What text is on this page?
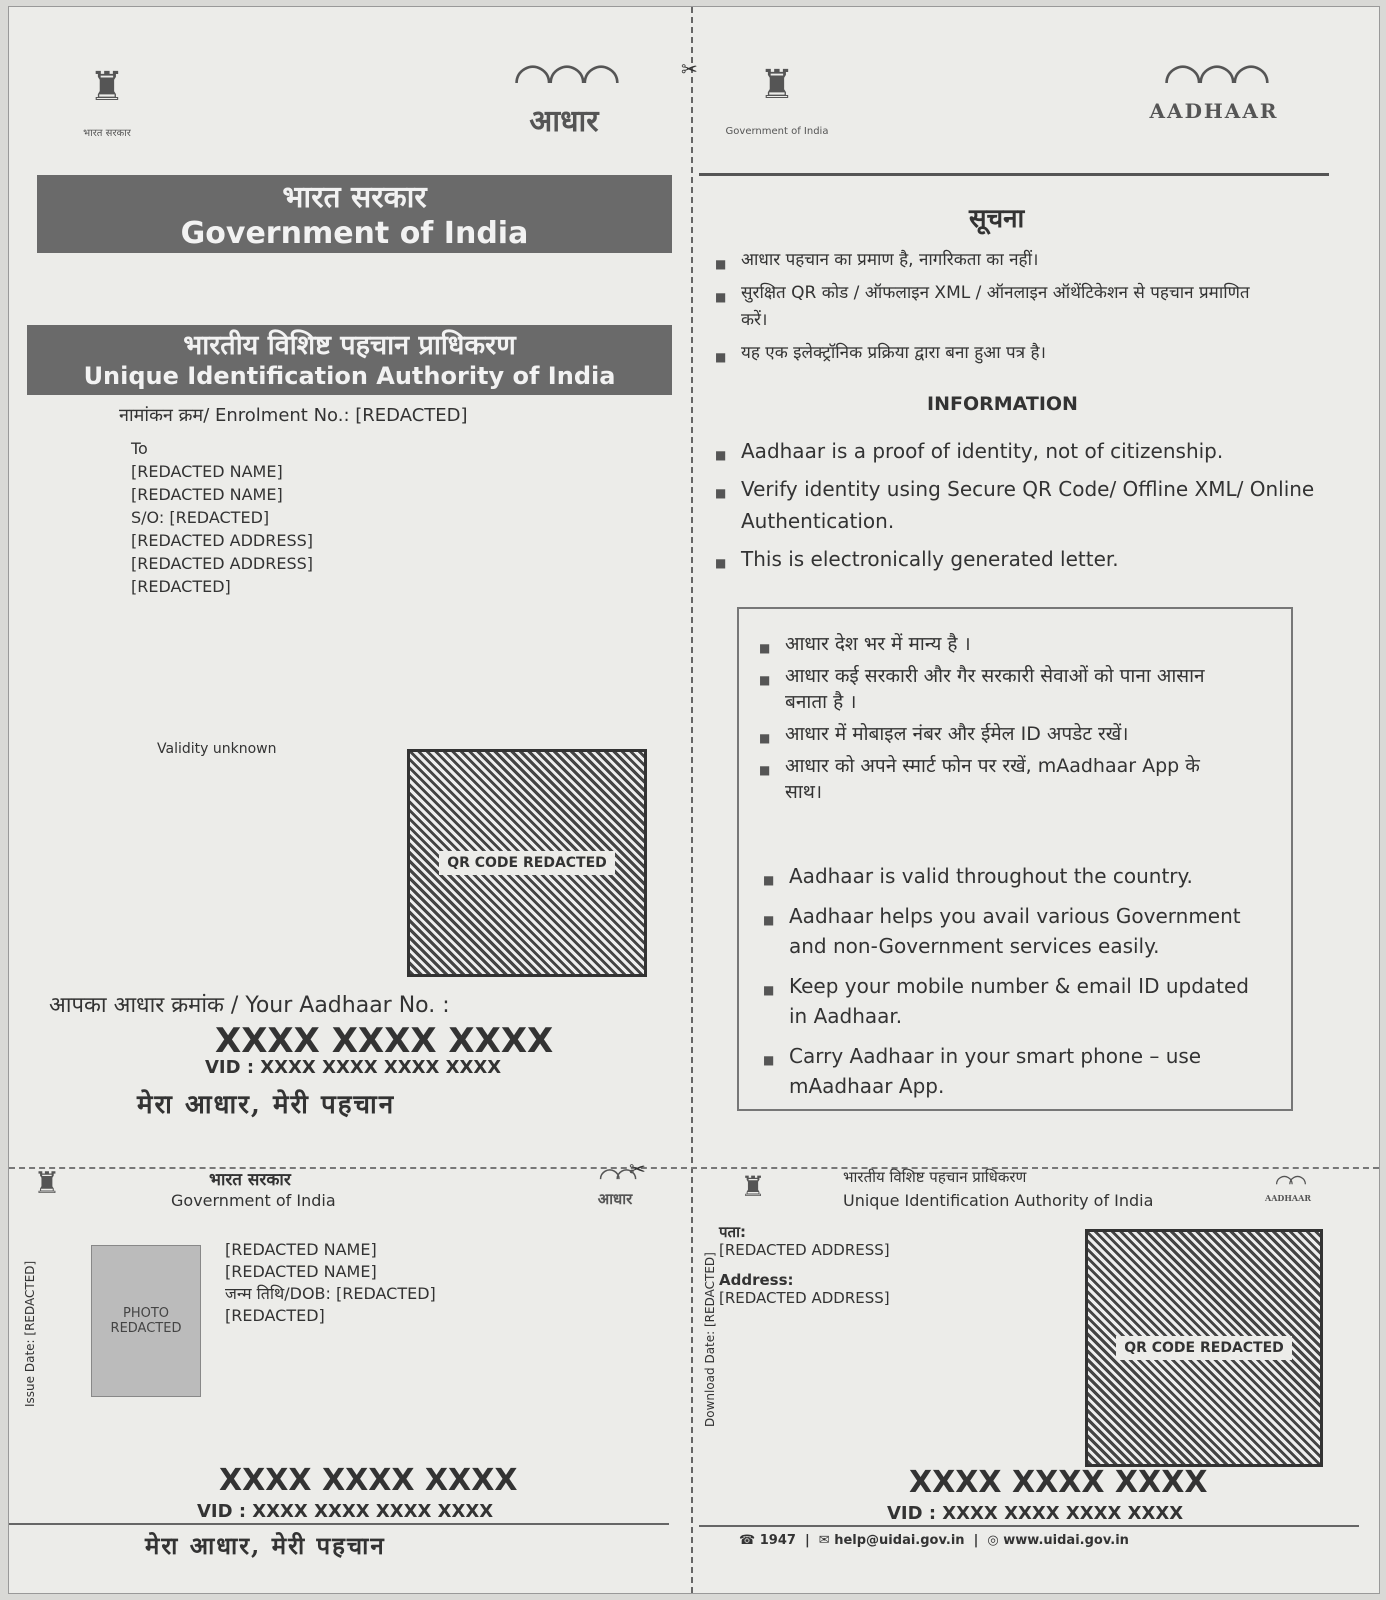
✂
✂
♜
भारत सरकार
◠◠◠
आधार
भारत सरकार
Government of India
भारतीय विशिष्ट पहचान प्राधिकरण
Unique Identification Authority of India
नामांकन क्रम/ Enrolment No.: [REDACTED]
To
[REDACTED NAME]
[REDACTED NAME]
S/O: [REDACTED]
[REDACTED ADDRESS]
[REDACTED ADDRESS]
[REDACTED]
Validity unknown
QR CODE REDACTED
आपका आधार क्रमांक / Your Aadhaar No. :
XXXX XXXX XXXX
VID : XXXX XXXX XXXX XXXX
मेरा आधार, मेरी पहचान
♜
Government of India
◠◠◠
AADHAAR
सूचना
■ आधार पहचान का प्रमाण है, नागरिकता का नहीं।
■ सुरक्षित QR कोड / ऑफलाइन XML / ऑनलाइन ऑथेंटिकेशन से पहचान प्रमाणित करें।
■ यह एक इलेक्ट्रॉनिक प्रक्रिया द्वारा बना हुआ पत्र है।
INFORMATION
■ Aadhaar is a proof of identity, not of citizenship.
■ Verify identity using Secure QR Code/ Offline XML/ Online Authentication.
■ This is electronically generated letter.
■ आधार देश भर में मान्य है ।
■ आधार कई सरकारी और गैर सरकारी सेवाओं को पाना आसान बनाता है ।
■ आधार में मोबाइल नंबर और ईमेल ID अपडेट रखें।
■ आधार को अपने स्मार्ट फोन पर रखें, mAadhaar App के साथ।
■ Aadhaar is valid throughout the country.
■ Aadhaar helps you avail various Government and non-Government services easily.
■ Keep your mobile number & email ID updated in Aadhaar.
■ Carry Aadhaar in your smart phone – use mAadhaar App.
♜	भारत सरकार
Government of India
◠◠
आधार
Issue Date: [REDACTED]	PHOTO REDACTED
[REDACTED NAME]
[REDACTED NAME]
जन्म तिथि/DOB: [REDACTED]
[REDACTED]
XXXX XXXX XXXX
VID : XXXX XXXX XXXX XXXX
मेरा आधार, मेरी पहचान
♜	भारतीय विशिष्ट पहचान प्राधिकरण
Unique Identification Authority of India
◠◠
AADHAAR
Download Date: [REDACTED]
पता:
[REDACTED ADDRESS]
Address:
[REDACTED ADDRESS]
QR CODE REDACTED
XXXX XXXX XXXX
VID : XXXX XXXX XXXX XXXX
☎ 1947  |  ✉ help@uidai.gov.in  |  ◎ www.uidai.gov.in
